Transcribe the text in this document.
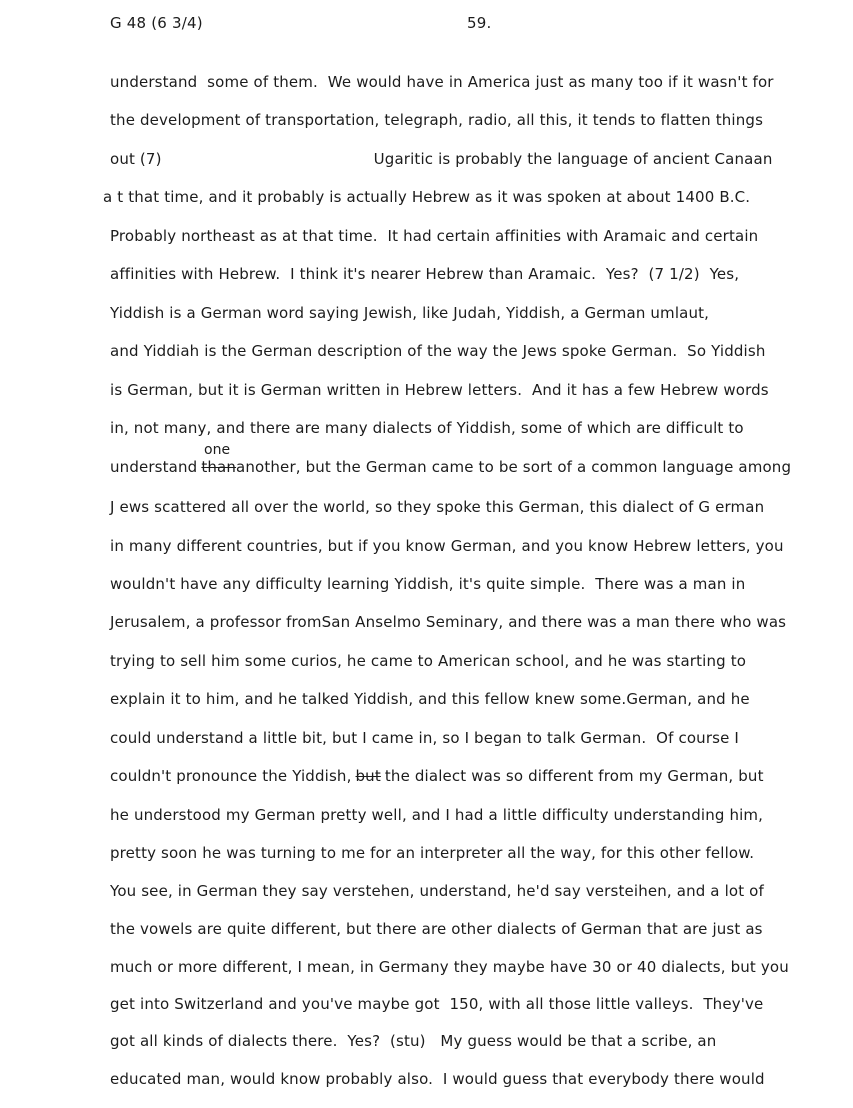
G 48 (6 3/4)	59.
understand  some of them.  We would have in America just as many too if it wasn't for
the development of transportation, telegraph, radio, all this, it tends to flatten things
out (7)	Ugaritic is probably the language of ancient Canaan
a t that time, and it probably is actually Hebrew as it was spoken at about 1400 B.C.
Probably northeast as at that time.  It had certain affinities with Aramaic and certain
affinities with Hebrew.  I think it's nearer Hebrew than Aramaic.  Yes?  (7 1/2)  Yes,
Yiddish is a German word saying Jewish, like Judah, Yiddish, a German umlaut,
and Yiddiah is the German description of the way the Jews spoke German.  So Yiddish
is German, but it is German written in Hebrew letters.  And it has a few Hebrew words
in, not many, and there are many dialects of Yiddish, some of which are difficult to
one
understand thananother, but the German came to be sort of a common language among
J ews scattered all over the world, so they spoke this German, this dialect of G erman
in many different countries, but if you know German, and you know Hebrew letters, you
wouldn't have any difficulty learning Yiddish, it's quite simple.  There was a man in
Jerusalem, a professor fromSan Anselmo Seminary, and there was a man there who was
trying to sell him some curios, he came to American school, and he was starting to
explain it to him, and he talked Yiddish, and this fellow knew some.German, and he
could understand a little bit, but I came in, so I began to talk German.  Of course I
couldn't pronounce the Yiddish, but the dialect was so different from my German, but
he understood my German pretty well, and I had a little difficulty understanding him,
pretty soon he was turning to me for an interpreter all the way, for this other fellow.
You see, in German they say verstehen, understand, he'd say versteihen, and a lot of
the vowels are quite different, but there are other dialects of German that are just as
much or more different, I mean, in Germany they maybe have 30 or 40 dialects, but you
get into Switzerland and you've maybe got  150, with all those little valleys.  They've
got all kinds of dialects there.  Yes?  (stu)   My guess would be that a scribe, an
educated man, would know probably also.  I would guess that everybody there would
